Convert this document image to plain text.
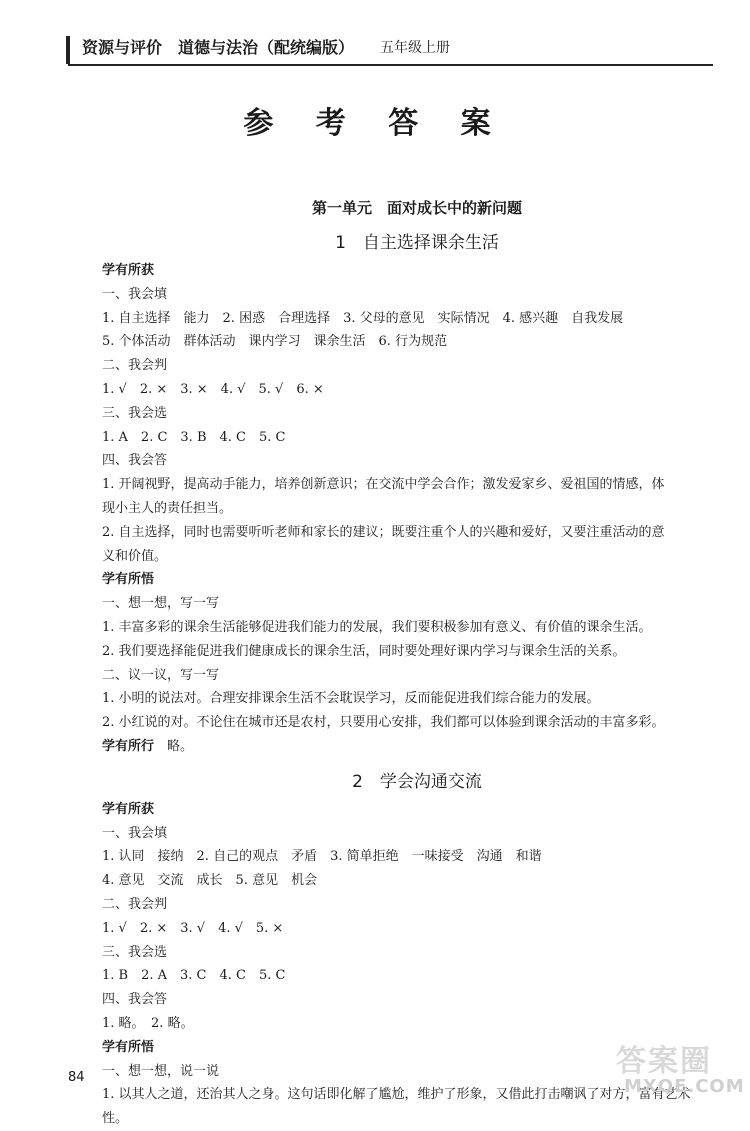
资源与评价 道德与法治（配统编版） 五年级上册
参 考 答 案
第一单元　面对成长中的新问题
1　自主选择课余生活
学有所获
一、我会填
1. 自主选择　能力　2. 困惑　合理选择　3. 父母的意见　实际情况　4. 感兴趣　自我发展
5. 个体活动　群体活动　课内学习　课余生活　6. 行为规范
二、我会判
1. √　2. ×　3. ×　4. √　5. √　6. ×
三、我会选
1. A　2. C　3. B　4. C　5. C
四、我会答
1. 开阔视野，提高动手能力，培养创新意识；在交流中学会合作；激发爱家乡、爱祖国的情感，体
现小主人的责任担当。
2. 自主选择，同时也需要听听老师和家长的建议；既要注重个人的兴趣和爱好，又要注重活动的意
义和价值。
学有所悟
一、想一想，写一写
1. 丰富多彩的课余生活能够促进我们能力的发展，我们要积极参加有意义、有价值的课余生活。
2. 我们要选择能促进我们健康成长的课余生活，同时要处理好课内学习与课余生活的关系。
二、议一议，写一写
1. 小明的说法对。合理安排课余生活不会耽误学习，反而能促进我们综合能力的发展。
2. 小红说的对。不论住在城市还是农村，只要用心安排，我们都可以体验到课余活动的丰富多彩。
学有所行　略。
2　学会沟通交流
学有所获
一、我会填
1. 认同　接纳　2. 自己的观点　矛盾　3. 简单拒绝　一味接受　沟通　和谐
4. 意见　交流　成长　5. 意见　机会
二、我会判
1. √　2. ×　3. √　4. √　5. ×
三、我会选
1. B　2. A　3. C　4. C　5. C
四、我会答
1. 略。　2. 略。
学有所悟
一、想一想，说一说
1. 以其人之道，还治其人之身。这句话即化解了尴尬，维护了形象，又借此打击嘲讽了对方，富有艺术性。
84	答案圈
MXQE.COM
